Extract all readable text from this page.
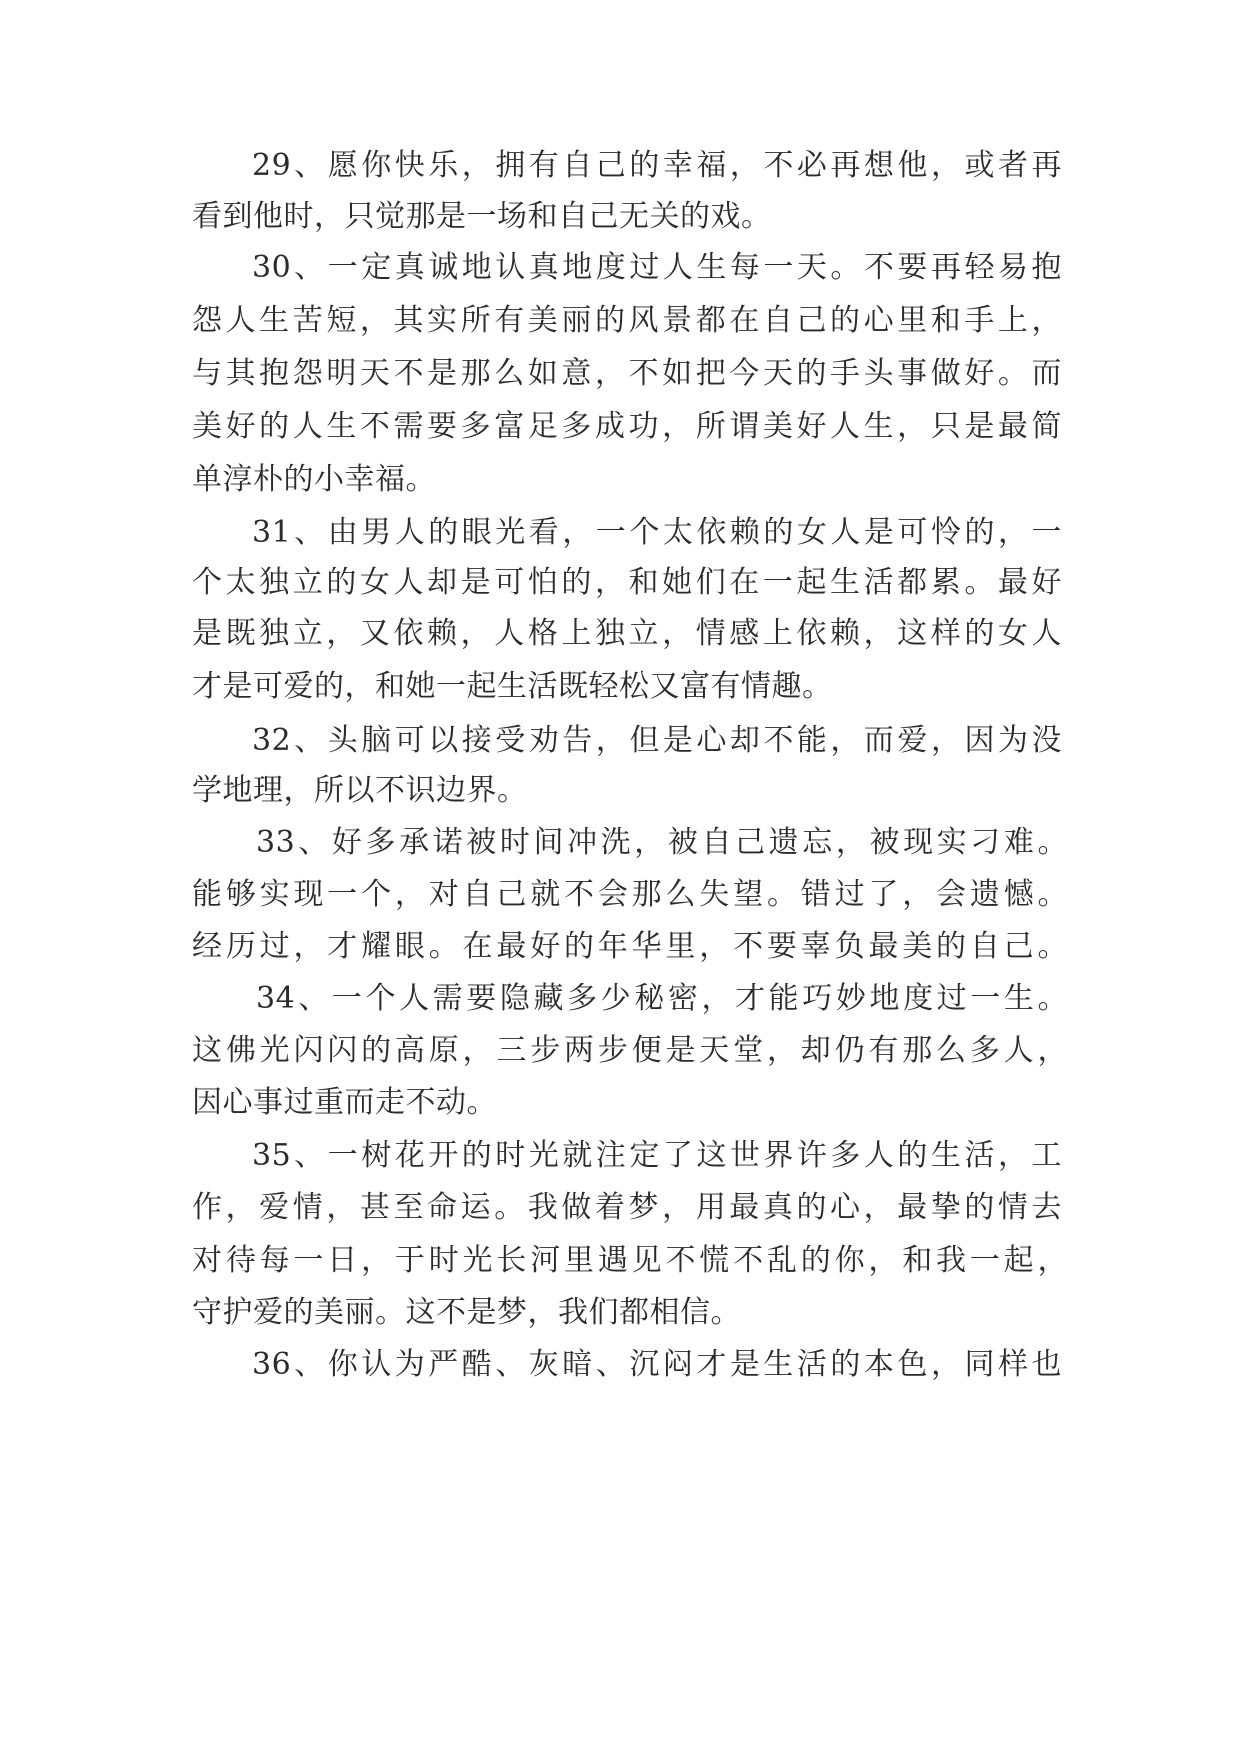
29、愿你快乐，拥有自己的幸福，不必再想他，或者再

看到他时，只觉那是一场和自己无关的戏。

30、一定真诚地认真地度过人生每一天。不要再轻易抱

怨人生苦短，其实所有美丽的风景都在自己的心里和手上，

与其抱怨明天不是那么如意，不如把今天的手头事做好。而

美好的人生不需要多富足多成功，所谓美好人生，只是最简

单淳朴的小幸福。

31、由男人的眼光看，一个太依赖的女人是可怜的，一

个太独立的女人却是可怕的，和她们在一起生活都累。最好

是既独立，又依赖，人格上独立，情感上依赖，这样的女人

才是可爱的，和她一起生活既轻松又富有情趣。

32、头脑可以接受劝告，但是心却不能，而爱，因为没

学地理，所以不识边界。

33、好多承诺被时间冲洗，被自己遗忘，被现实刁难。

能够实现一个，对自己就不会那么失望。错过了，会遗憾。

经历过，才耀眼。在最好的年华里，不要辜负最美的自己。

34、一个人需要隐藏多少秘密，才能巧妙地度过一生。

这佛光闪闪的高原，三步两步便是天堂，却仍有那么多人，

因心事过重而走不动。

35、一树花开的时光就注定了这世界许多人的生活，工

作，爱情，甚至命运。我做着梦，用最真的心，最挚的情去

对待每一日，于时光长河里遇见不慌不乱的你，和我一起，

守护爱的美丽。这不是梦，我们都相信。

36、你认为严酷、灰暗、沉闷才是生活的本色，同样也
